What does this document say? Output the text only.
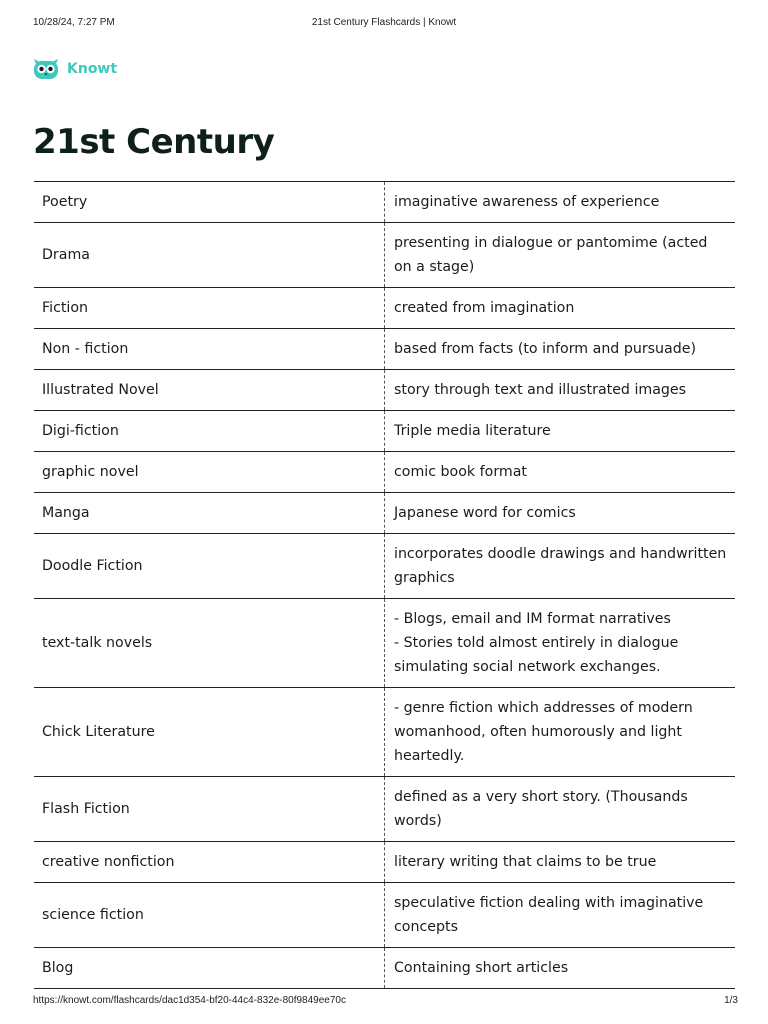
10/28/24, 7:27 PM	21st Century Flashcards | Knowt
Knowt
21st Century
Poetry	imaginative awareness of experience

Drama	presenting in dialogue or pantomime (acted on a stage)

Fiction	created from imagination

Non - fiction	based from facts (to inform and pursuade)

Illustrated Novel	story through text and illustrated images

Digi-fiction	Triple media literature

graphic novel	comic book format

Manga	Japanese word for comics

Doodle Fiction	incorporates doodle drawings and handwritten graphics

text-talk novels	- Blogs, email and IM format narratives
- Stories told almost entirely in dialogue simulating social network exchanges.

Chick Literature	- genre fiction which addresses of modern womanhood, often humorously and light heartedly.

Flash Fiction	defined as a very short story. (Thousands words)

creative nonfiction	literary writing that claims to be true

science fiction	speculative fiction dealing with imaginative concepts

Blog	Containing short articles
https://knowt.com/flashcards/dac1d354-bf20-44c4-832e-80f9849ee70c	1/3
